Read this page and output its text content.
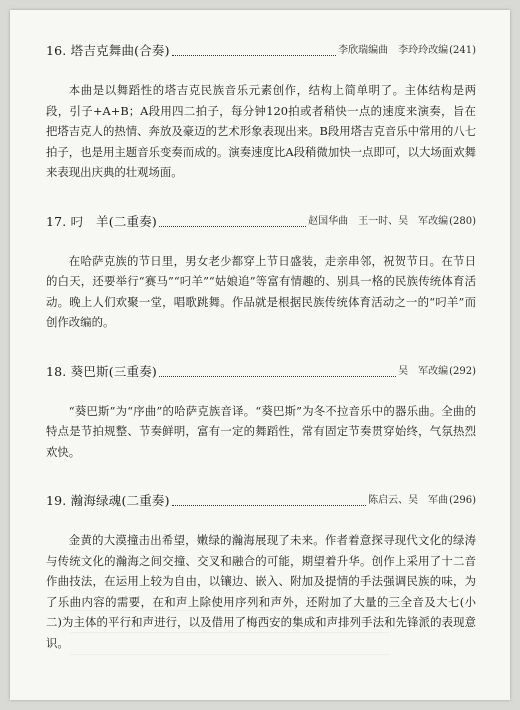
16. 塔吉克舞曲(合奏)	李欣瑞编曲　李玲玲改编(241)

本曲是以舞蹈性的塔吉克民族音乐元素创作，结构上简单明了。主体结构是两段，引子+A+B；A段用四二拍子，每分钟120拍或者稍快一点的速度来演奏，旨在把塔吉克人的热情、奔放及豪迈的艺术形象表现出来。B段用塔吉克音乐中常用的八七拍子，也是用主题音乐变奏而成的。演奏速度比A段稍微加快一点即可，以大场面欢舞来表现出庆典的壮观场面。

17. 叼　羊(二重奏)	赵国华曲　王一时、吴　军改编(280)

在哈萨克族的节日里，男女老少都穿上节日盛装，走亲串邻，祝贺节日。在节日的白天，还要举行“赛马”“叼羊”“姑娘追”等富有情趣的、别具一格的民族传统体育活动。晚上人们欢聚一堂，唱歌跳舞。作品就是根据民族传统体育活动之一的“叼羊”而创作改编的。

18. 葵巴斯(三重奏)	吴　军改编(292)

“葵巴斯”为“序曲”的哈萨克族音译。“葵巴斯”为冬不拉音乐中的器乐曲。全曲的特点是节拍规整、节奏鲜明，富有一定的舞蹈性，常有固定节奏贯穿始终，气氛热烈欢快。

19. 瀚海绿魂(二重奏)	陈启云、吴　军曲(296)

金黄的大漠撞击出希望，嫩绿的瀚海展现了未来。作者着意探寻现代文化的绿涛与传统文化的瀚海之间交撞、交叉和融合的可能，期望着升华。创作上采用了十二音作曲技法，在运用上较为自由，以镶边、嵌入、附加及提情的手法强调民族的味，为了乐曲内容的需要，在和声上除使用序列和声外，还附加了大量的三全音及大七(小二)为主体的平行和声进行，以及借用了梅西安的集成和声排列手法和先锋派的表现意识。
